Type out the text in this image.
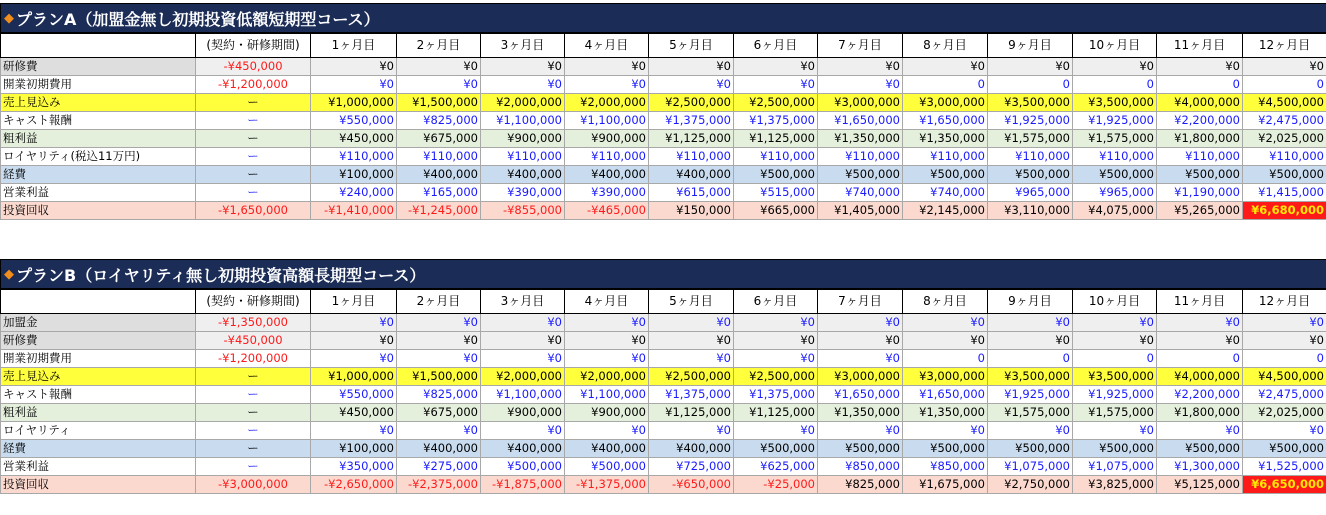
◆ プランA（加盟金無し初期投資低額短期型コース）
【Delihelu Collection】	(契約・研修期間)	1ヶ月目	2ヶ月目	3ヶ月目	4ヶ月目	5ヶ月目	6ヶ月目	7ヶ月目	8ヶ月目	9ヶ月目	10ヶ月目	11ヶ月目	12ヶ月目
研修費	-¥450,000	¥0	¥0	¥0	¥0	¥0	¥0	¥0	¥0	¥0	¥0	¥0	¥0
開業初期費用	-¥1,200,000	¥0	¥0	¥0	¥0	¥0	¥0	¥0	0	0	0	0	0
売上見込み	ー	¥1,000,000	¥1,500,000	¥2,000,000	¥2,000,000	¥2,500,000	¥2,500,000	¥3,000,000	¥3,000,000	¥3,500,000	¥3,500,000	¥4,000,000	¥4,500,000
キャスト報酬	ー	¥550,000	¥825,000	¥1,100,000	¥1,100,000	¥1,375,000	¥1,375,000	¥1,650,000	¥1,650,000	¥1,925,000	¥1,925,000	¥2,200,000	¥2,475,000
粗利益	ー	¥450,000	¥675,000	¥900,000	¥900,000	¥1,125,000	¥1,125,000	¥1,350,000	¥1,350,000	¥1,575,000	¥1,575,000	¥1,800,000	¥2,025,000
ロイヤリティ(税込11万円)	ー	¥110,000	¥110,000	¥110,000	¥110,000	¥110,000	¥110,000	¥110,000	¥110,000	¥110,000	¥110,000	¥110,000	¥110,000
経費	ー	¥100,000	¥400,000	¥400,000	¥400,000	¥400,000	¥500,000	¥500,000	¥500,000	¥500,000	¥500,000	¥500,000	¥500,000
営業利益	ー	¥240,000	¥165,000	¥390,000	¥390,000	¥615,000	¥515,000	¥740,000	¥740,000	¥965,000	¥965,000	¥1,190,000	¥1,415,000
投資回収	-¥1,650,000	-¥1,410,000	-¥1,245,000	-¥855,000	-¥465,000	¥150,000	¥665,000	¥1,405,000	¥2,145,000	¥3,110,000	¥4,075,000	¥5,265,000	¥6,680,000
◆ プランB（ロイヤリティ無し初期投資高額長期型コース）
【Delihelu Collection】	(契約・研修期間)	1ヶ月目	2ヶ月目	3ヶ月目	4ヶ月目	5ヶ月目	6ヶ月目	7ヶ月目	8ヶ月目	9ヶ月目	10ヶ月目	11ヶ月目	12ヶ月目
加盟金	-¥1,350,000	¥0	¥0	¥0	¥0	¥0	¥0	¥0	¥0	¥0	¥0	¥0	¥0
研修費	-¥450,000	¥0	¥0	¥0	¥0	¥0	¥0	¥0	¥0	¥0	¥0	¥0	¥0
開業初期費用	-¥1,200,000	¥0	¥0	¥0	¥0	¥0	¥0	¥0	0	0	0	0	0
売上見込み	ー	¥1,000,000	¥1,500,000	¥2,000,000	¥2,000,000	¥2,500,000	¥2,500,000	¥3,000,000	¥3,000,000	¥3,500,000	¥3,500,000	¥4,000,000	¥4,500,000
キャスト報酬	ー	¥550,000	¥825,000	¥1,100,000	¥1,100,000	¥1,375,000	¥1,375,000	¥1,650,000	¥1,650,000	¥1,925,000	¥1,925,000	¥2,200,000	¥2,475,000
粗利益	ー	¥450,000	¥675,000	¥900,000	¥900,000	¥1,125,000	¥1,125,000	¥1,350,000	¥1,350,000	¥1,575,000	¥1,575,000	¥1,800,000	¥2,025,000
ロイヤリティ	ー	¥0	¥0	¥0	¥0	¥0	¥0	¥0	¥0	¥0	¥0	¥0	¥0
経費	ー	¥100,000	¥400,000	¥400,000	¥400,000	¥400,000	¥500,000	¥500,000	¥500,000	¥500,000	¥500,000	¥500,000	¥500,000
営業利益	ー	¥350,000	¥275,000	¥500,000	¥500,000	¥725,000	¥625,000	¥850,000	¥850,000	¥1,075,000	¥1,075,000	¥1,300,000	¥1,525,000
投資回収	-¥3,000,000	-¥2,650,000	-¥2,375,000	-¥1,875,000	-¥1,375,000	-¥650,000	-¥25,000	¥825,000	¥1,675,000	¥2,750,000	¥3,825,000	¥5,125,000	¥6,650,000
